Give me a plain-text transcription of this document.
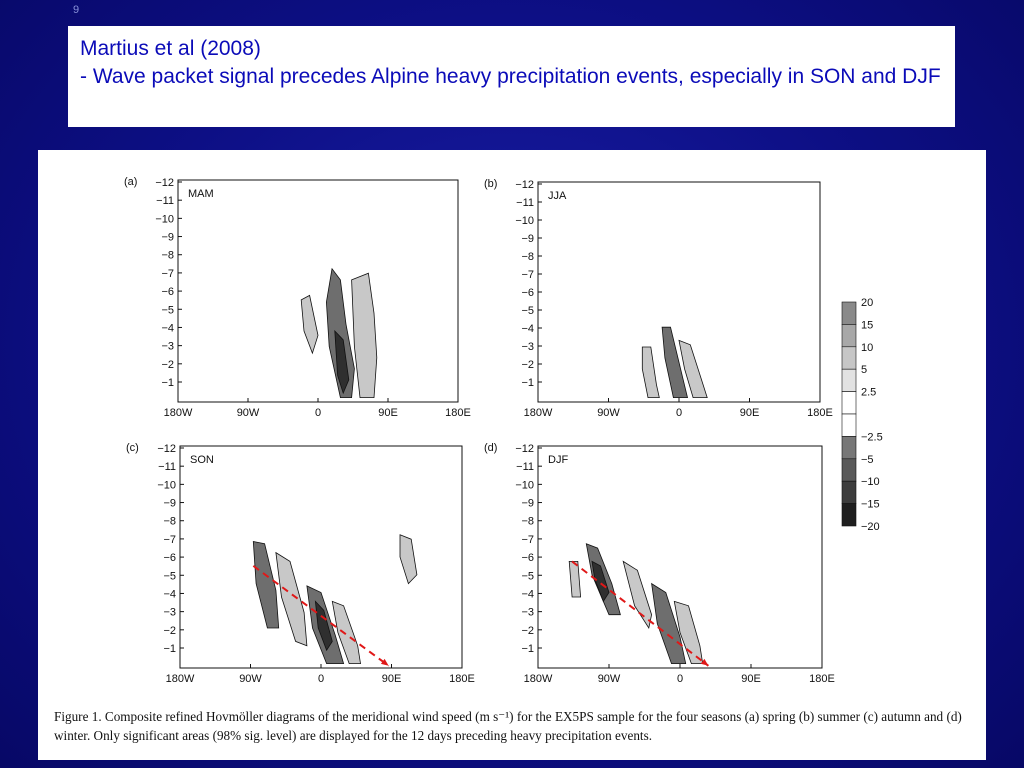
9
Martius et al (2008)
- Wave packet signal precedes Alpine heavy precipitation events, especially in SON and DJF
−12
−11
−10
−9
−8
−7
−6
−5
−4
−3
−2
−1
180W	90W	0	90E	180E
(a)
MAM
−12
−11
−10
−9
−8
−7
−6
−5
−4
−3
−2
−1
180W	90W	0	90E	180E
(b)
JJA
−12
−11
−10
−9
−8
−7
−6
−5
−4
−3
−2
−1
180W	90W	0	90E	180E
(c)
SON
−12
−11
−10
−9
−8
−7
−6
−5
−4
−3
−2
−1
180W	90W	0	90E	180E
(d)
DJF
20
15
10
5
2.5
−2.5
−5
−10
−15
−20
Figure 1. Composite refined Hovmöller diagrams of the meridional wind speed (m s⁻¹) for the EX5PS sample for the four seasons (a) spring (b) summer (c) autumn and (d) winter. Only significant areas (98% sig. level) are displayed for the 12 days preceding heavy precipitation events.
